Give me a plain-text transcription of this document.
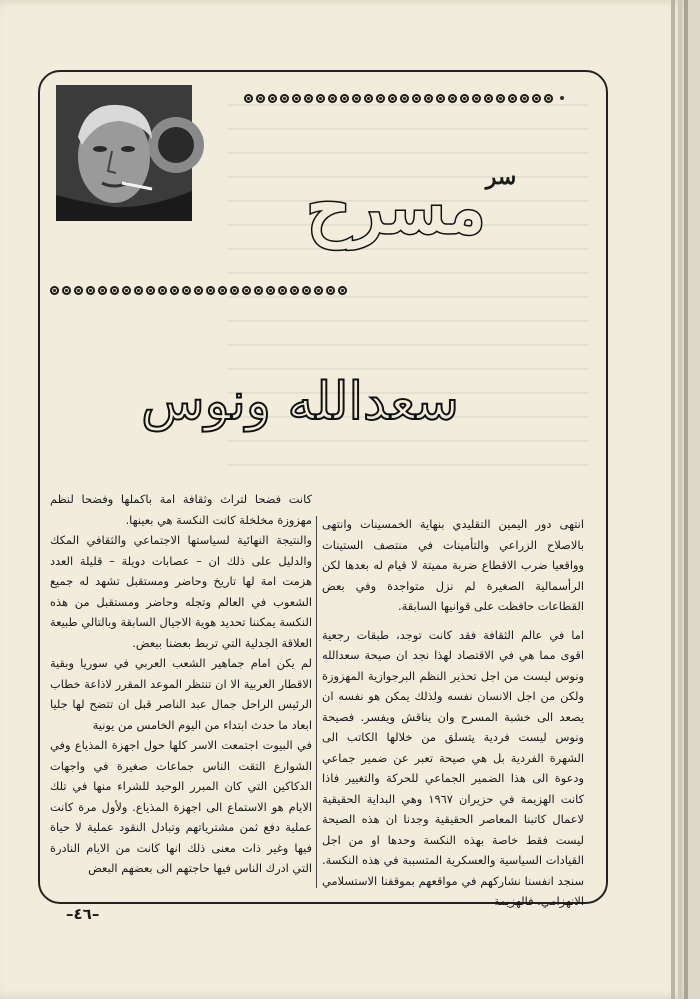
سر
مسرح
سعدالله ونوس

انتهى دور اليمين التقليدي بنهاية الخمسينات وانتهى بالاصلاح الزراعي والتأمينات في منتصف الستينات وواقعيا ضرب الاقطاع ضربة مميتة لا قيام له بعدها لكن الرأسمالية الصغيرة لم نزل متواجدة وفي بعض القطاعات حافظت على قوانيها السابقة.

اما في عالم الثقافة فقد كانت توجد، طبقات رجعية اقوى مما هي في الاقتصاد لهذا نجد ان صيحة سعدالله ونوس ليست من اجل تحذير النظم البرجوازية المهزوزة ولكن من اجل الانسان نفسه ولذلك يمكن هو نفسه ان يصعد الى خشبة المسرح وان يناقش ويفسر. فصيحة ونوس ليست فردية يتسلق من خلالها الكاتب الى الشهرة الفردية بل هي صيحة تعبر عن ضمير جماعي ودعوة الى هذا الضمير الجماعي للحركة والتغيير فاذا كانت الهزيمة في حزيران ١٩٦٧ وهي البداية الحقيقية لاعمال كاتبنا المعاصر الحقيقية وجدنا ان هذه الصيحة ليست فقط خاصة بهذه النكسة وحدها او من اجل القيادات السياسية والعسكرية المتسببة في هذه النكسة. سنجد انفسنا نشاركهم في مواقعهم بموقفنا الاستسلامي الانهزامي، فالهزيمة

كانت فضحا لتراث وثقافة امة باكملها وفضحا لنظم مهزوزة مخلخلة كانت النكسة هي بعينها.

والنتيجة النهائية لسياستها الاجتماعي والثقافي المكك والدليل على ذلك ان – عصابات دويلة – قليلة العدد هزمت امة لها تاريخ وحاضر ومستقبل تشهد له جميع الشعوب في العالم وتجله وحاضر ومستقبل من هذه النكسة يمكننا تحديد هوية الاجيال السابقة وبالتالي طبيعة العلاقة الجدلية التي تربط بعضنا ببعض.

لم يكن امام جماهير الشعب العربي في سوريا وبقية الاقطار العربية الا ان تنتظر الموعد المقرر لاذاعة خطاب الرئيس الراحل جمال عبد الناصر قبل ان تتضح لها جليا ابعاد ما حدث ابتداء من اليوم الخامس من يونية

في البيوت اجتمعت الاسر كلها حول اجهزة المذياع وفي الشوارع التقت الناس جماعات صغيرة في واجهات الدكاكين التي كان المبرر الوحيد للشراء منها في تلك الايام هو الاستماع الى اجهزة المذياع. ولأول مرة كانت عملية دفع ثمن مشترياتهم وتبادل النقود عملية لا حياة فيها وغير ذات معنى ذلك انها كانت من الايام النادرة التي ادرك الناس فيها حاجتهم الى بعضهم البعض

–٤٦–
